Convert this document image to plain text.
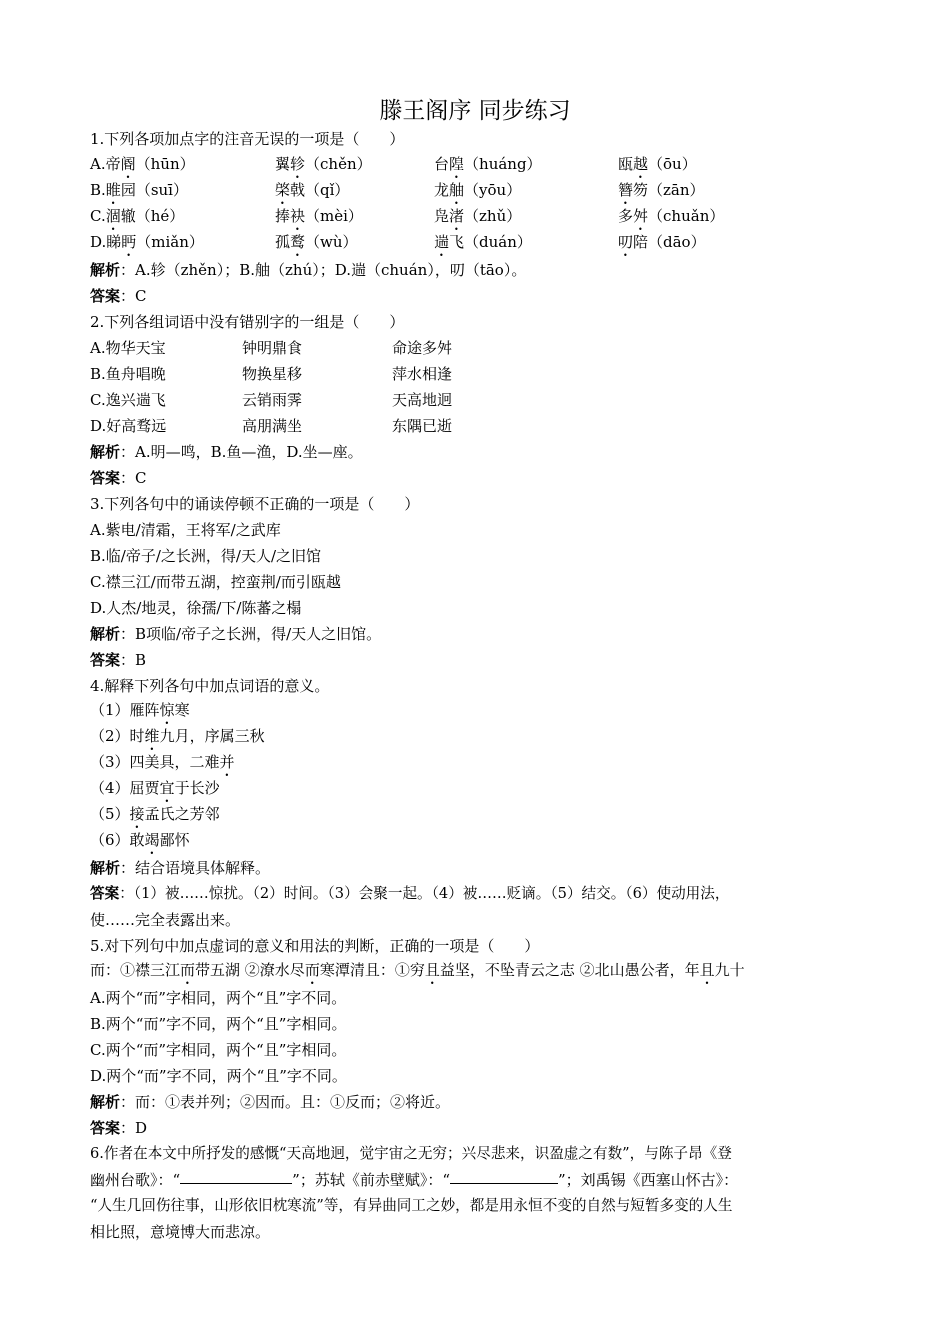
滕王阁序 同步练习
1.下列各项加点字的注音无误的一项是（　　）
A.帝阍（hūn）	翼轸（chěn）	台隍（huáng）	瓯越（ōu）
B.睢园（suī）	棨戟（qǐ）	龙舳（yōu）	簪笏（zān）
C.涸辙（hé）	捧袂（mèi）	凫渚（zhǔ）	多舛（chuǎn）
D.睇眄（miǎn）	孤鹜（wù）	遄飞（duán）	叨陪（dāo）
解析：A.轸（zhěn）；B.舳（zhú）；D.遄（chuán），叨（tāo）。
答案：C
2.下列各组词语中没有错别字的一组是（　　）
A.物华天宝	钟明鼎食	命途多舛
B.鱼舟唱晚	物换星移	萍水相逢
C.逸兴遄飞	云销雨霁	天高地迥
D.好高骛远	高朋满坐	东隅已逝
解析：A.明—鸣，B.鱼—渔，D.坐—座。
答案：C
3.下列各句中的诵读停顿不正确的一项是（　　）
A.紫电/清霜，王将军/之武库
B.临/帝子/之长洲，得/天人/之旧馆
C.襟三江/而带五湖，控蛮荆/而引瓯越
D.人杰/地灵，徐孺/下/陈蕃之榻
解析：B项临/帝子之长洲，得/天人之旧馆。
答案：B
4.解释下列各句中加点词语的意义。
（1）雁阵惊寒
（2）时维九月，序属三秋
（3）四美具，二难并
（4）屈贾宜于长沙
（5）接孟氏之芳邻
（6）敢竭鄙怀
解析：结合语境具体解释。
答案：（1）被……惊扰。（2）时间。（3）会聚一起。（4）被……贬谪。（5）结交。（6）使动用法，
使……完全表露出来。
5.对下列句中加点虚词的意义和用法的判断，正确的一项是（　　）
而：①襟三江而带五湖 ②潦水尽而寒潭清且：①穷且益坚，不坠青云之志 ②北山愚公者，年且九十
A.两个“而”字相同，两个“且”字不同。
B.两个“而”字不同，两个“且”字相同。
C.两个“而”字相同，两个“且”字相同。
D.两个“而”字不同，两个“且”字不同。
解析：而：①表并列；②因而。且：①反而；②将近。
答案：D
6.作者在本文中所抒发的感慨“天高地迥，觉宇宙之无穷；兴尽悲来，识盈虚之有数”，与陈子昂《登
幽州台歌》：“	”；苏轼《前赤壁赋》：“	”；刘禹锡《西塞山怀古》：
“人生几回伤往事，山形依旧枕寒流”等，有异曲同工之妙，都是用永恒不变的自然与短暂多变的人生
相比照，意境博大而悲凉。
